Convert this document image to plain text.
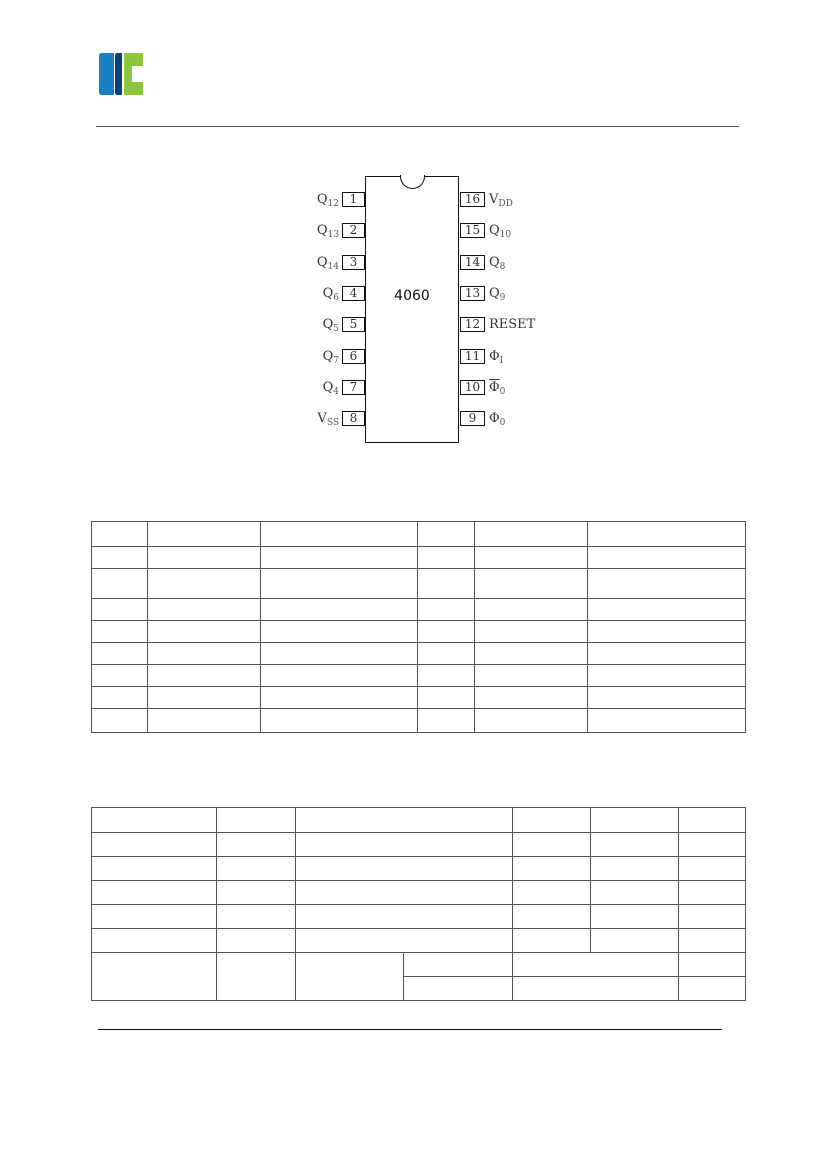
4060
1
$Q_{12}$
2
$Q_{13}$
3
$Q_{14}$
4
$Q_6$
5
$Q_5$
6
$Q_7$
7
$Q_4$
8
$V_{SS}$
16 $V_{DD}$
15 $Q_{10}$
14 $Q_8$
13 $Q_9$
12 RESET
11 $\Phi_I$
10 $\overline{\Phi}_0$
9 $\Phi_0$
